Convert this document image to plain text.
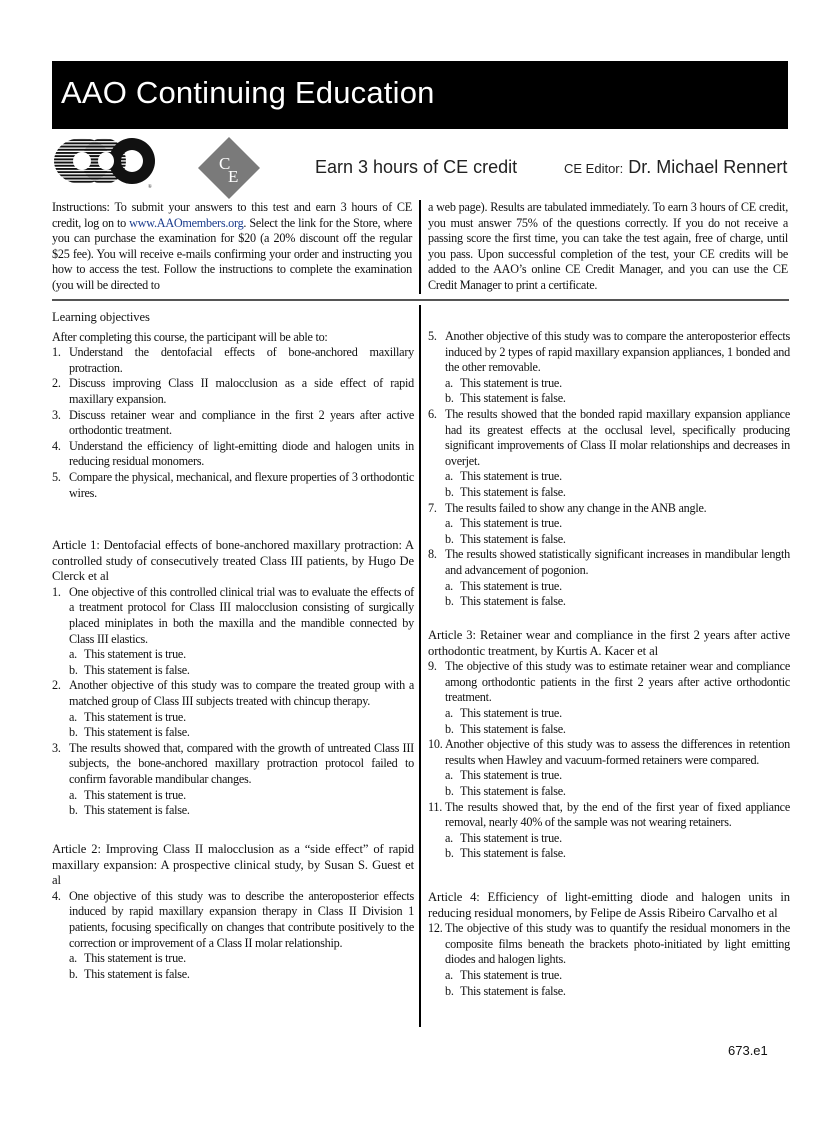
AAO Continuing Education
®
C
E	Earn 3 hours of CE credit	CE Editor: Dr. Michael Rennert
Instructions: To submit your answers to this test and earn 3 hours of CE credit, log on to www.AAOmembers.org. Select the link for the Store, where you can purchase the examination for $20 (a 20% discount off the regular $25 fee). You will receive e-mails confirming your order and instructing you how to access the test. Follow the instructions to complete the examination (you will be directed to
a web page). Results are tabulated immediately. To earn 3 hours of CE credit, you must answer 75% of the questions correctly. If you do not receive a passing score the first time, you can take the test again, free of charge, until you pass. Upon successful completion of the test, your CE credits will be added to the AAO’s online CE Credit Manager, and you can use the CE Credit Manager to print a certificate.
Learning objectives
After completing this course, the participant will be able to:
1. Understand the dentofacial effects of bone-anchored maxillary protraction.
2. Discuss improving Class II malocclusion as a side effect of rapid maxillary expansion.
3. Discuss retainer wear and compliance in the first 2 years after active orthodontic treatment.
4. Understand the efficiency of light-emitting diode and halogen units in reducing residual monomers.
5. Compare the physical, mechanical, and flexure properties of 3 orthodontic wires.
Article 1: Dentofacial effects of bone-anchored maxillary protraction: A controlled study of consecutively treated Class III patients, by Hugo De Clerck et al
1. One objective of this controlled clinical trial was to evaluate the effects of a treatment protocol for Class III malocclusion consisting of surgically placed miniplates in both the maxilla and the mandible connected by Class III elastics.
a. This statement is true.
b. This statement is false.
2. Another objective of this study was to compare the treated group with a matched group of Class III subjects treated with chincup therapy.
a. This statement is true.
b. This statement is false.
3. The results showed that, compared with the growth of untreated Class III subjects, the bone-anchored maxillary protraction protocol failed to confirm favorable mandibular changes.
a. This statement is true.
b. This statement is false.
Article 2: Improving Class II malocclusion as a “side effect” of rapid maxillary expansion: A prospective clinical study, by Susan S. Guest et al
4. One objective of this study was to describe the anteroposterior effects induced by rapid maxillary expansion therapy in Class II Division 1 patients, focusing specifically on changes that contribute positively to the correction or improvement of a Class II molar relationship.
a. This statement is true.
b. This statement is false.
5. Another objective of this study was to compare the anteroposterior effects induced by 2 types of rapid maxillary expansion appliances, 1 bonded and the other removable.
a. This statement is true.
b. This statement is false.
6. The results showed that the bonded rapid maxillary expansion appliance had its greatest effects at the occlusal level, specifically producing significant improvements of Class II molar relationships and decreases in overjet.
a. This statement is true.
b. This statement is false.
7. The results failed to show any change in the ANB angle.
a. This statement is true.
b. This statement is false.
8. The results showed statistically significant increases in mandibular length and advancement of pogonion.
a. This statement is true.
b. This statement is false.
Article 3: Retainer wear and compliance in the first 2 years after active orthodontic treatment, by Kurtis A. Kacer et al
9. The objective of this study was to estimate retainer wear and compliance among orthodontic patients in the first 2 years after active orthodontic treatment.
a. This statement is true.
b. This statement is false.
10. Another objective of this study was to assess the differences in retention results when Hawley and vacuum-formed retainers were compared.
a. This statement is true.
b. This statement is false.
11. The results showed that, by the end of the first year of fixed appliance removal, nearly 40% of the sample was not wearing retainers.
a. This statement is true.
b. This statement is false.
Article 4: Efficiency of light-emitting diode and halogen units in reducing residual monomers, by Felipe de Assis Ribeiro Carvalho et al
12. The objective of this study was to quantify the residual monomers in the composite films beneath the brackets photo-initiated by light emitting diodes and halogen lights.
a. This statement is true.
b. This statement is false.
673.e1
